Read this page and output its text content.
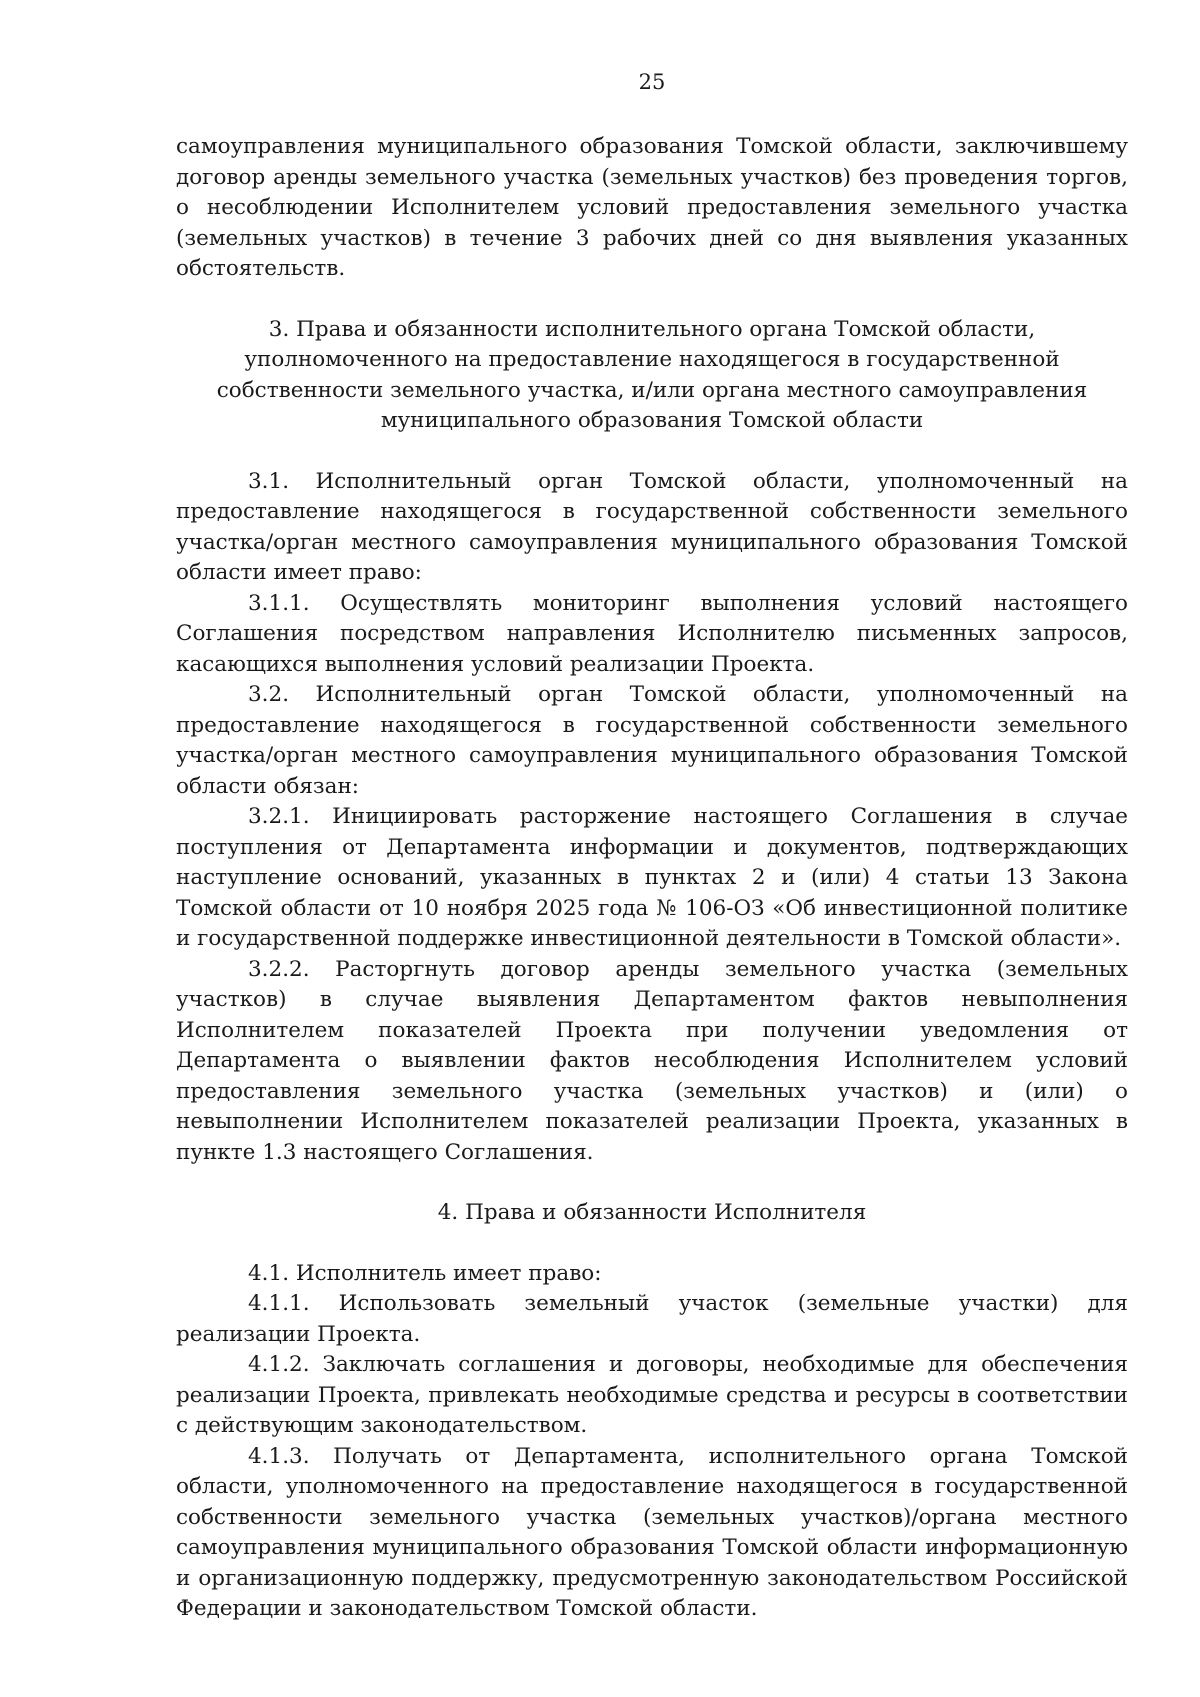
25

самоуправления муниципального образования Томской области, заключившему договор аренды земельного участка (земельных участков) без проведения торгов, о несоблюдении Исполнителем условий предоставления земельного участка (земельных участков) в течение 3 рабочих дней со дня выявления указанных обстоятельств.

3. Права и обязанности исполнительного органа Томской области,
уполномоченного на предоставление находящегося в государственной
собственности земельного участка, и/или органа местного самоуправления
муниципального образования Томской области

3.1. Исполнительный орган Томской области, уполномоченный на предоставление находящегося в государственной собственности земельного участка/орган местного самоуправления муниципального образования Томской области имеет право:

3.1.1. Осуществлять мониторинг выполнения условий настоящего Соглашения посредством направления Исполнителю письменных запросов, касающихся выполнения условий реализации Проекта.

3.2. Исполнительный орган Томской области, уполномоченный на предоставление находящегося в государственной собственности земельного участка/орган местного самоуправления муниципального образования Томской области обязан:

3.2.1. Инициировать расторжение настоящего Соглашения в случае поступления от Департамента информации и документов, подтверждающих наступление оснований, указанных в пунктах 2 и (или) 4 статьи 13 Закона Томской области от 10 ноября 2025 года № 106-ОЗ «Об инвестиционной политике и государственной поддержке инвестиционной деятельности в Томской области».

3.2.2. Расторгнуть договор аренды земельного участка (земельных участков) в случае выявления Департаментом фактов невыполнения Исполнителем показателей Проекта при получении уведомления от Департамента о выявлении фактов несоблюдения Исполнителем условий предоставления земельного участка (земельных участков) и (или) о невыполнении Исполнителем показателей реализации Проекта, указанных в пункте 1.3 настоящего Соглашения.

4. Права и обязанности Исполнителя

4.1. Исполнитель имеет право:

4.1.1. Использовать земельный участок (земельные участки) для реализации Проекта.

4.1.2. Заключать соглашения и договоры, необходимые для обеспечения реализации Проекта, привлекать необходимые средства и ресурсы в соответствии с действующим законодательством.

4.1.3. Получать от Департамента, исполнительного органа Томской области, уполномоченного на предоставление находящегося в государственной собственности земельного участка (земельных участков)/органа местного самоуправления муниципального образования Томской области информационную и организационную поддержку, предусмотренную законодательством Российской Федерации и законодательством Томской области.
